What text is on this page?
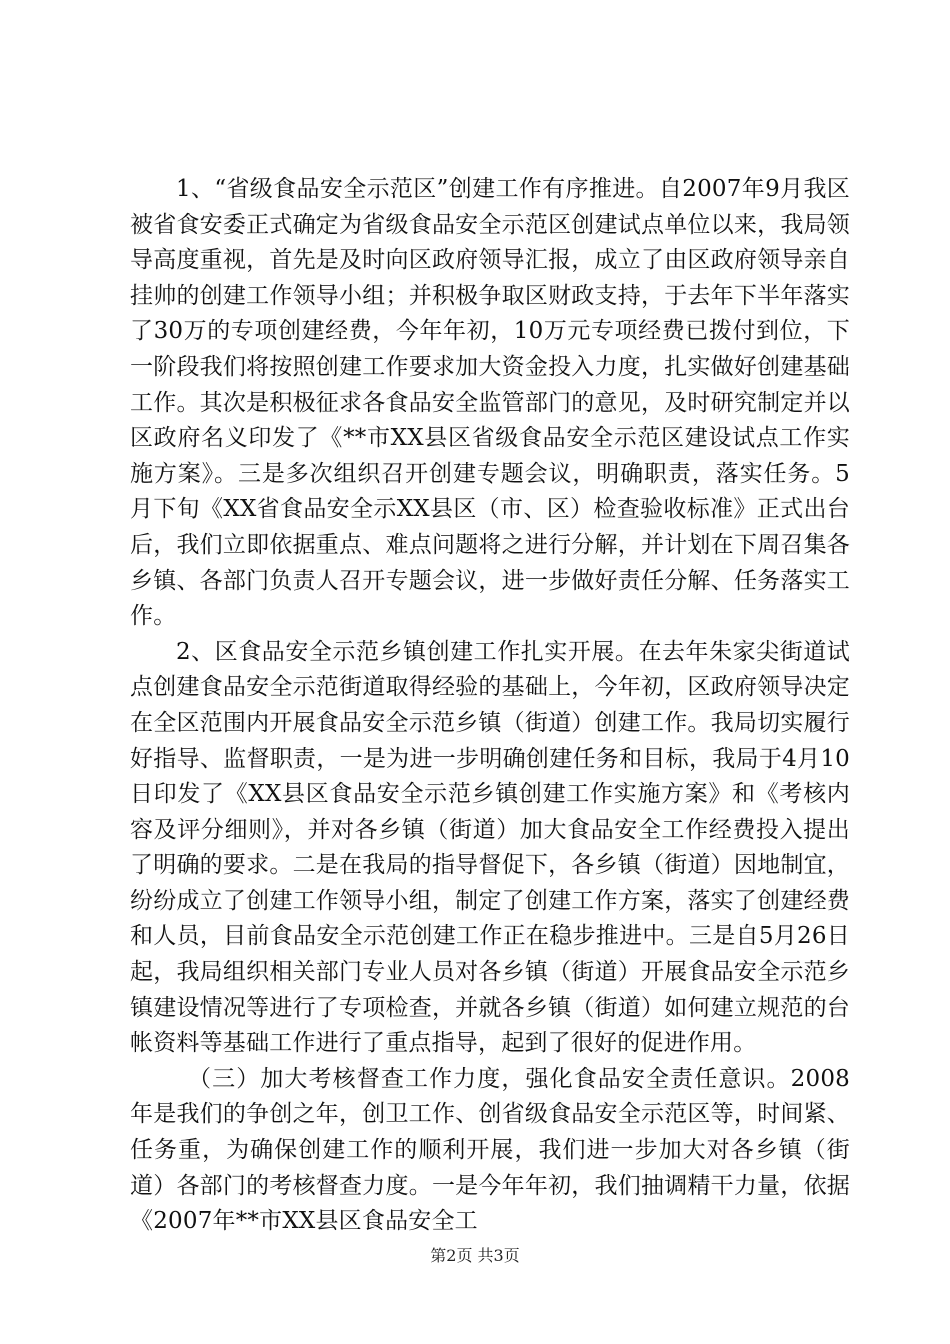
1、“省级食品安全示范区”创建工作有序推进。自2007年9月我区被省食安委正式确定为省级食品安全示范区创建试点单位以来，我局领导高度重视，首先是及时向区政府领导汇报，成立了由区政府领导亲自挂帅的创建工作领导小组；并积极争取区财政支持，于去年下半年落实了30万的专项创建经费，今年年初，10万元专项经费已拨付到位，下一阶段我们将按照创建工作要求加大资金投入力度，扎实做好创建基础工作。其次是积极征求各食品安全监管部门的意见，及时研究制定并以区政府名义印发了《**市XX县区省级食品安全示范区建设试点工作实施方案》。三是多次组织召开创建专题会议，明确职责，落实任务。5月下旬《XX省食品安全示XX县区（市、区）检查验收标准》正式出台后，我们立即依据重点、难点问题将之进行分解，并计划在下周召集各乡镇、各部门负责人召开专题会议，进一步做好责任分解、任务落实工作。

2、区食品安全示范乡镇创建工作扎实开展。在去年朱家尖街道试点创建食品安全示范街道取得经验的基础上，今年初，区政府领导决定在全区范围内开展食品安全示范乡镇（街道）创建工作。我局切实履行好指导、监督职责，一是为进一步明确创建任务和目标，我局于4月10日印发了《XX县区食品安全示范乡镇创建工作实施方案》和《考核内容及评分细则》，并对各乡镇（街道）加大食品安全工作经费投入提出了明确的要求。二是在我局的指导督促下，各乡镇（街道）因地制宜，纷纷成立了创建工作领导小组，制定了创建工作方案，落实了创建经费和人员，目前食品安全示范创建工作正在稳步推进中。三是自5月26日起，我局组织相关部门专业人员对各乡镇（街道）开展食品安全示范乡镇建设情况等进行了专项检查，并就各乡镇（街道）如何建立规范的台帐资料等基础工作进行了重点指导，起到了很好的促进作用。

（三）加大考核督查工作力度，强化食品安全责任意识。2008年是我们的争创之年，创卫工作、创省级食品安全示范区等，时间紧、任务重，为确保创建工作的顺利开展，我们进一步加大对各乡镇（街道）各部门的考核督查力度。一是今年年初，我们抽调精干力量，依据《2007年**市XX县区食品安全工

第2页 共3页
